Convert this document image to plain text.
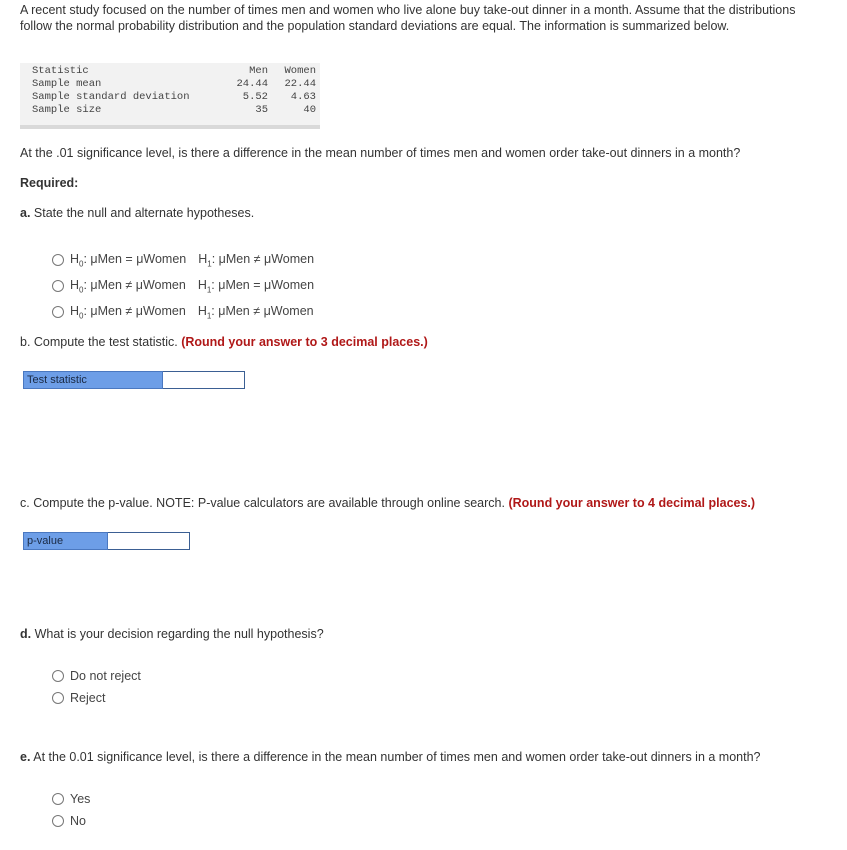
A recent study focused on the number of times men and women who live alone buy take-out dinner in a month. Assume that the distributions follow the normal probability distribution and the population standard deviations are equal. The information is summarized below.
Statistic	Men	Women
Sample mean	24.44	22.44
Sample standard deviation	5.52	4.63
Sample size	35	40
At the .01 significance level, is there a difference in the mean number of times men and women order take-out dinners in a month?
Required:
a. State the null and alternate hypotheses.
$H_0$: μMen = μWomen $H_1$: μMen ≠ μWomen
$H_0$: μMen ≠ μWomen $H_1$: μMen = μWomen
$H_0$: μMen ≠ μWomen $H_1$: μMen ≠ μWomen
b. Compute the test statistic. (Round your answer to 3 decimal places.)
Test statistic
c. Compute the p-value. NOTE: P-value calculators are available through online search. (Round your answer to 4 decimal places.)
p-value
d. What is your decision regarding the null hypothesis?
Do not reject
Reject
e. At the 0.01 significance level, is there a difference in the mean number of times men and women order take-out dinners in a month?
Yes
No
